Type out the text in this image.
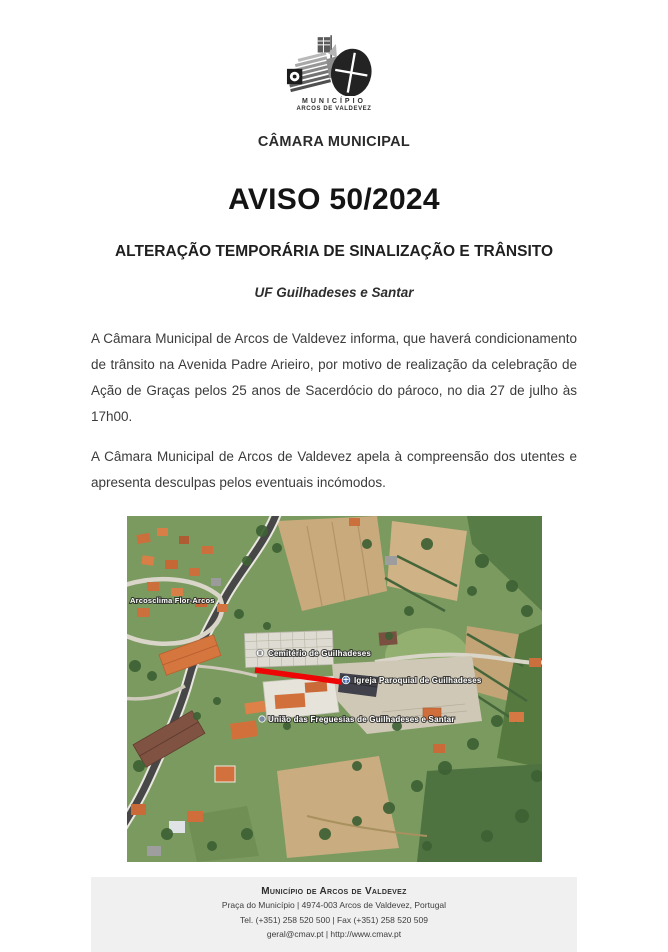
MUNICÍPIO
ARCOS DE VALDEVEZ
CÂMARA MUNICIPAL
AVISO 50/2024
ALTERAÇÃO TEMPORÁRIA DE SINALIZAÇÃO E TRÂNSITO
UF Guilhadeses e Santar

A Câmara Municipal de Arcos de Valdevez informa, que haverá condicionamento de trânsito na Avenida Padre Arieiro, por motivo de realização da celebração de Ação de Graças pelos 25 anos de Sacerdócio do pároco, no dia 27 de julho às 17h00.

A Câmara Municipal de Arcos de Valdevez apela à compreensão dos utentes e apresenta desculpas pelos eventuais incómodos.

Arcosclima Flor-Arcos
Cemitério de Guilhadeses
Igreja Paroquial de Guilhadeses
União das Freguesias de Guilhadeses e Santar
Município de Arcos de Valdevez
Praça do Município | 4974-003 Arcos de Valdevez, Portugal
Tel. (+351) 258 520 500 | Fax (+351) 258 520 509
geral@cmav.pt | http://www.cmav.pt
